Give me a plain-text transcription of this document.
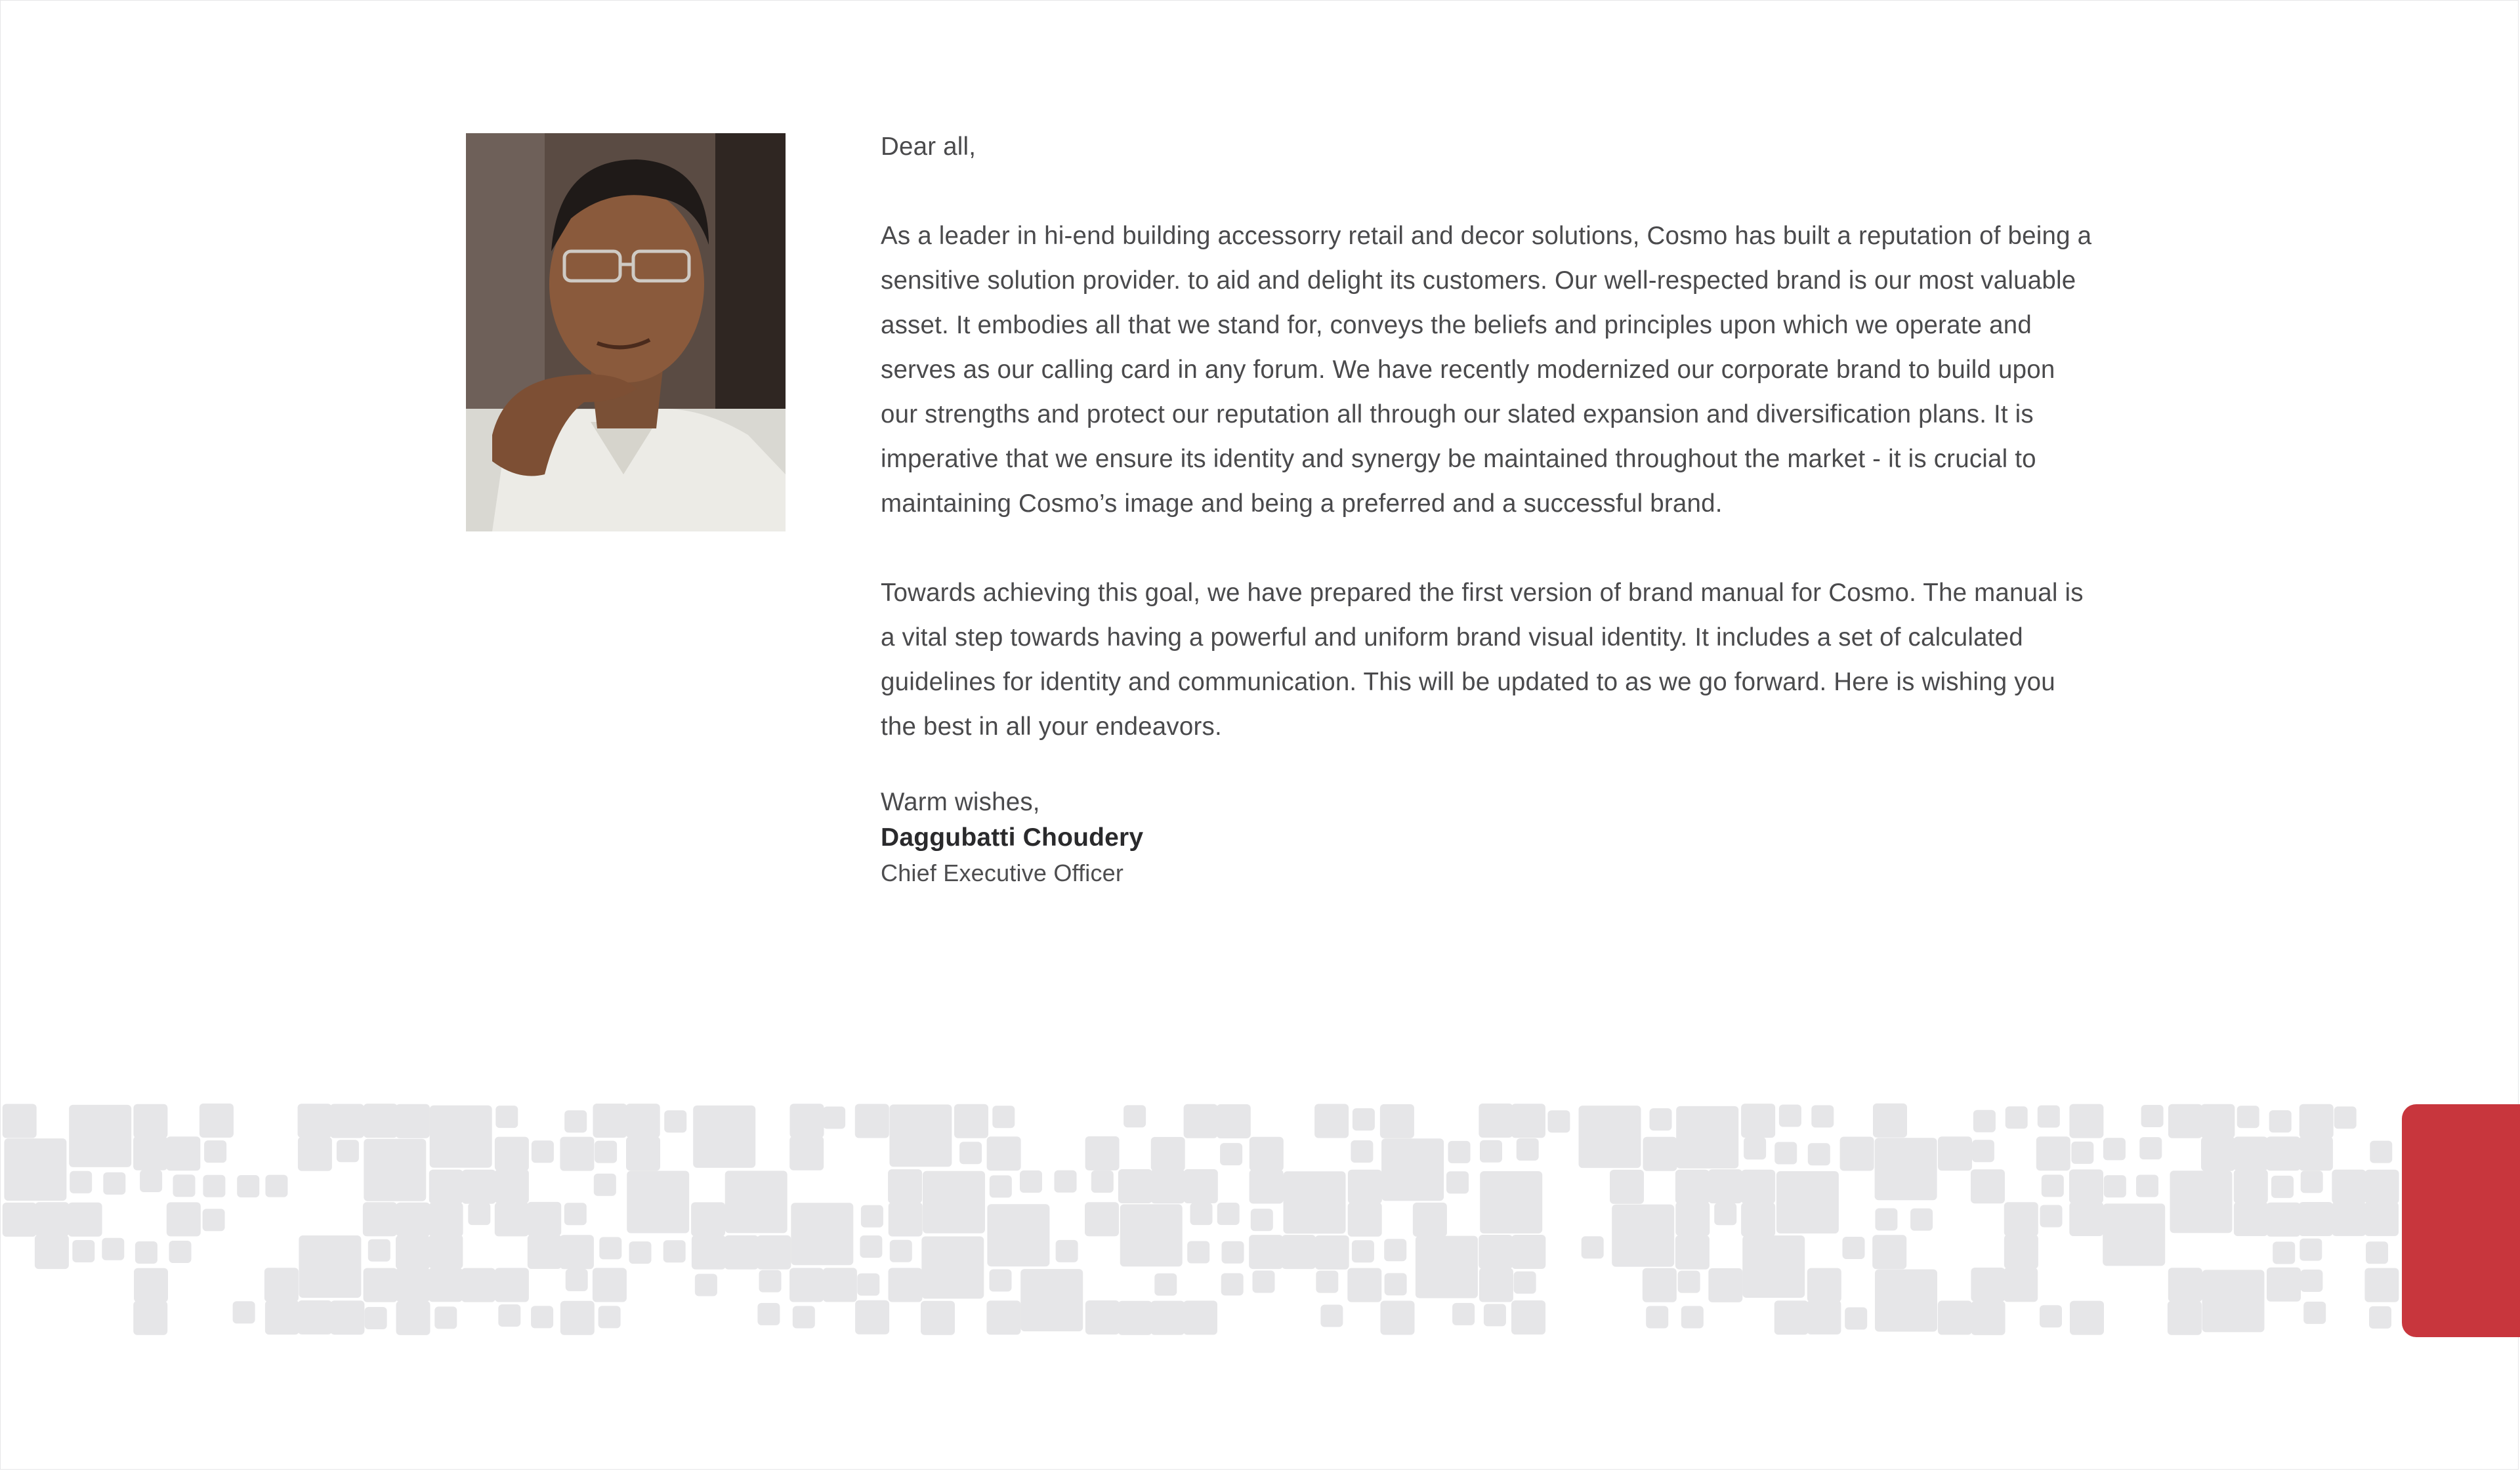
Dear all,

As a leader in hi-end building accessorry retail and decor solutions, Cosmo has built a reputation of being a
sensitive solution provider. to aid and delight its customers. Our well-respected brand is our most valuable
asset. It embodies all that we stand for, conveys the beliefs and principles upon which we operate and
serves as our calling card in any forum. We have recently modernized our corporate brand to build upon
our strengths and protect our reputation all through our slated expansion and diversification plans. It is
imperative that we ensure its identity and synergy be maintained throughout the market - it is crucial to
maintaining Cosmo’s image and being a preferred and a successful brand.

Towards achieving this goal, we have prepared the first version of brand manual for Cosmo. The manual is
a vital step towards having a powerful and uniform brand visual identity. It includes a set of calculated
guidelines for identity and communication. This will be updated to as we go forward. Here is wishing you
the best in all your endeavors.

Warm wishes,

Daggubatti Choudery

Chief Executive Officer
